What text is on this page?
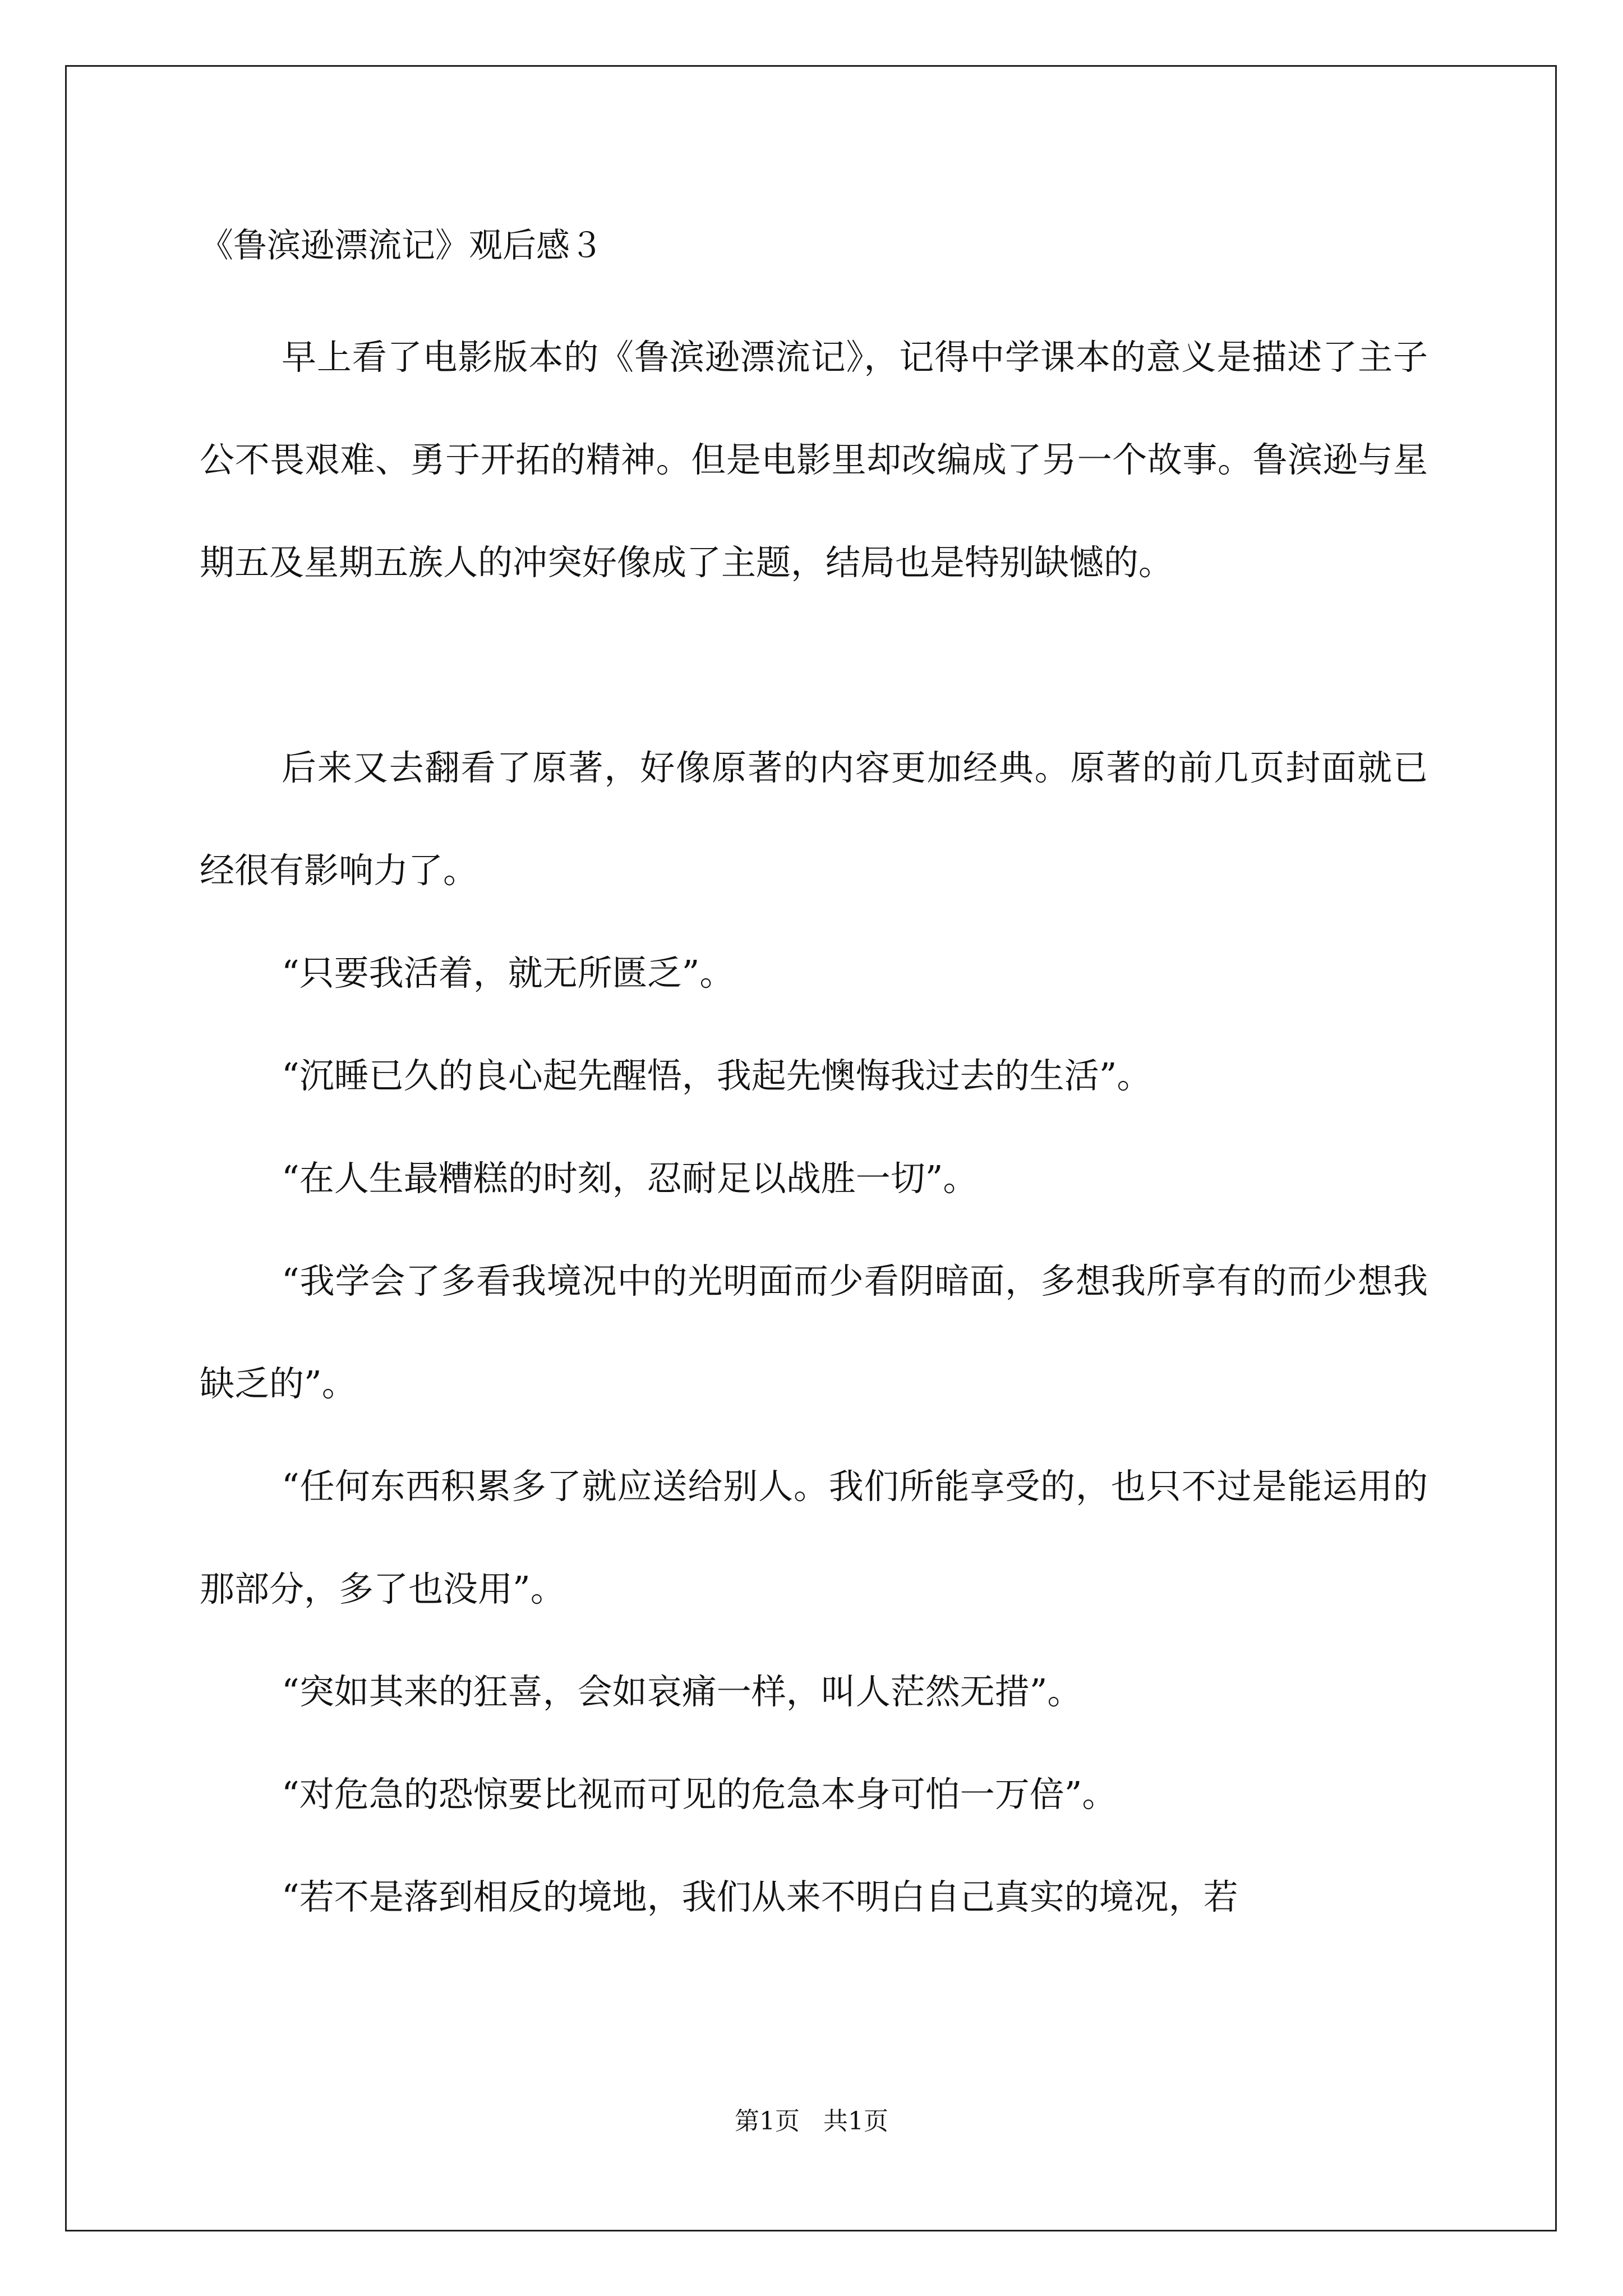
《鲁滨逊漂流记》观后感３

早上看了电影版本的《鲁滨逊漂流记》，记得中学课本的意义是描述了主子公不畏艰难、勇于开拓的精神。但是电影里却改编成了另一个故事。鲁滨逊与星期五及星期五族人的冲突好像成了主题，结局也是特别缺憾的。

后来又去翻看了原著，好像原著的内容更加经典。原著的前几页封面就已经很有影响力了。

“只要我活着，就无所匮乏”。

“沉睡已久的良心起先醒悟，我起先懊悔我过去的生活”。

“在人生最糟糕的时刻，忍耐足以战胜一切”。

“我学会了多看我境况中的光明面而少看阴暗面，多想我所享有的而少想我缺乏的”。

“任何东西积累多了就应送给别人。我们所能享受的，也只不过是能运用的那部分，多了也没用”。

“突如其来的狂喜，会如哀痛一样，叫人茫然无措”。

“对危急的恐惊要比视而可见的危急本身可怕一万倍”。

“若不是落到相反的境地，我们从来不明白自己真实的境况，若

第1页   共1页
